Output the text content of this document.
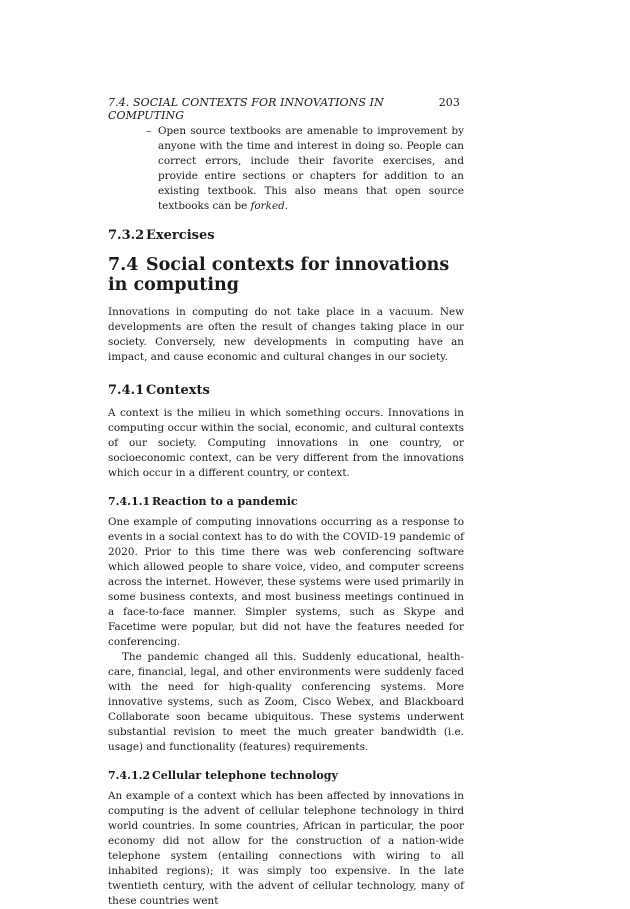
7.4. SOCIAL CONTEXTS FOR INNOVATIONS IN COMPUTING
203
– Open source textbooks are amenable to improvement by anyone with the time and interest in doing so. People can correct errors, include their favorite exercises, and provide entire sections or chapters for addition to an existing textbook. This also means that open source textbooks can be forked.

7.3.2 Exercises
7.4 Social contexts for innovations in computing

Innovations in computing do not take place in a vacuum. New developments are often the result of changes taking place in our society. Conversely, new developments in computing have an impact, and cause economic and cultural changes in our society.

7.4.1 Contexts

A context is the milieu in which something occurs. Innovations in computing occur within the social, economic, and cultural contexts of our society. Computing innovations in one country, or socioeconomic context, can be very different from the innovations which occur in a different country, or context.

7.4.1.1 Reaction to a pandemic

One example of computing innovations occurring as a response to events in a social context has to do with the COVID-19 pandemic of 2020. Prior to this time there was web conferencing software which allowed people to share voice, video, and computer screens across the internet. However, these systems were used primarily in some business contexts, and most business meetings continued in a face-to-face manner. Simpler systems, such as Skype and Facetime were popular, but did not have the features needed for conferencing.

The pandemic changed all this. Suddenly educational, health-care, financial, legal, and other environments were suddenly faced with the need for high-quality conferencing systems. More innovative systems, such as Zoom, Cisco Webex, and Blackboard Collaborate soon became ubiquitous. These systems underwent substantial revision to meet the much greater bandwidth (i.e. usage) and functionality (features) requirements.

7.4.1.2 Cellular telephone technology

An example of a context which has been affected by innovations in computing is the advent of cellular telephone technology in third world countries. In some countries, African in particular, the poor economy did not allow for the construction of a nation-wide telephone system (entailing connections with wiring to all inhabited regions); it was simply too expensive. In the late twentieth century, with the advent of cellular technology, many of these countries went
